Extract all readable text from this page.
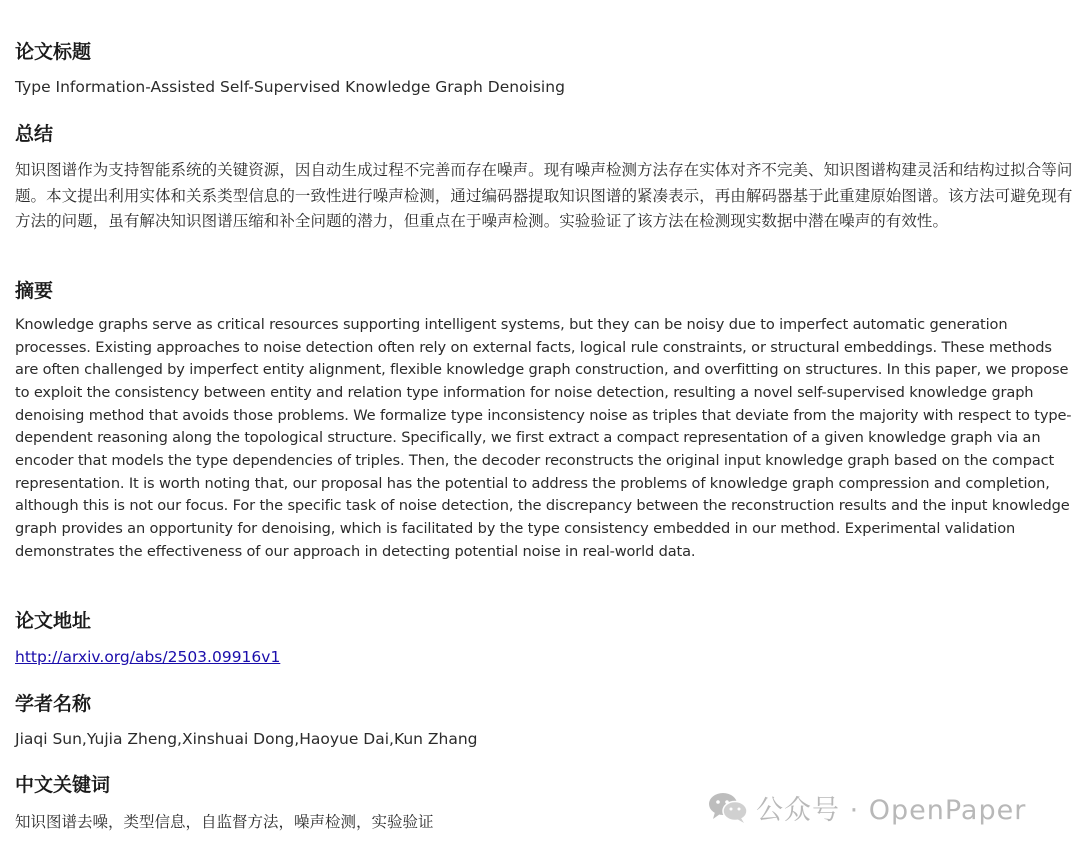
论文标题
Type Information-Assisted Self-Supervised Knowledge Graph Denoising
总结
知识图谱作为支持智能系统的关键资源，因自动生成过程不完善而存在噪声。现有噪声检测方法存在实体对齐不完美、知识图谱构建灵活和结构过拟合等问题。本文提出利用实体和关系类型信息的一致性进行噪声检测，通过编码器提取知识图谱的紧凑表示，再由解码器基于此重建原始图谱。该方法可避免现有方法的问题，虽有解决知识图谱压缩和补全问题的潜力，但重点在于噪声检测。实验验证了该方法在检测现实数据中潜在噪声的有效性。
摘要
Knowledge graphs serve as critical resources supporting intelligent systems, but they can be noisy due to imperfect automatic generation processes. Existing approaches to noise detection often rely on external facts, logical rule constraints, or structural embeddings. These methods are often challenged by imperfect entity alignment, flexible knowledge graph construction, and overfitting on structures. In this paper, we propose to exploit the consistency between entity and relation type information for noise detection, resulting a novel self-supervised knowledge graph denoising method that avoids those problems. We formalize type inconsistency noise as triples that deviate from the majority with respect to type-dependent reasoning along the topological structure. Specifically, we first extract a compact representation of a given knowledge graph via an encoder that models the type dependencies of triples. Then, the decoder reconstructs the original input knowledge graph based on the compact representation. It is worth noting that, our proposal has the potential to address the problems of knowledge graph compression and completion, although this is not our focus. For the specific task of noise detection, the discrepancy between the reconstruction results and the input knowledge graph provides an opportunity for denoising, which is facilitated by the type consistency embedded in our method. Experimental validation demonstrates the effectiveness of our approach in detecting potential noise in real-world data.
论文地址
http://arxiv.org/abs/2503.09916v1
学者名称
Jiaqi Sun,Yujia Zheng,Xinshuai Dong,Haoyue Dai,Kun Zhang
中文关键词
知识图谱去噪，类型信息，自监督方法，噪声检测，实验验证	公众号 · OpenPaper
